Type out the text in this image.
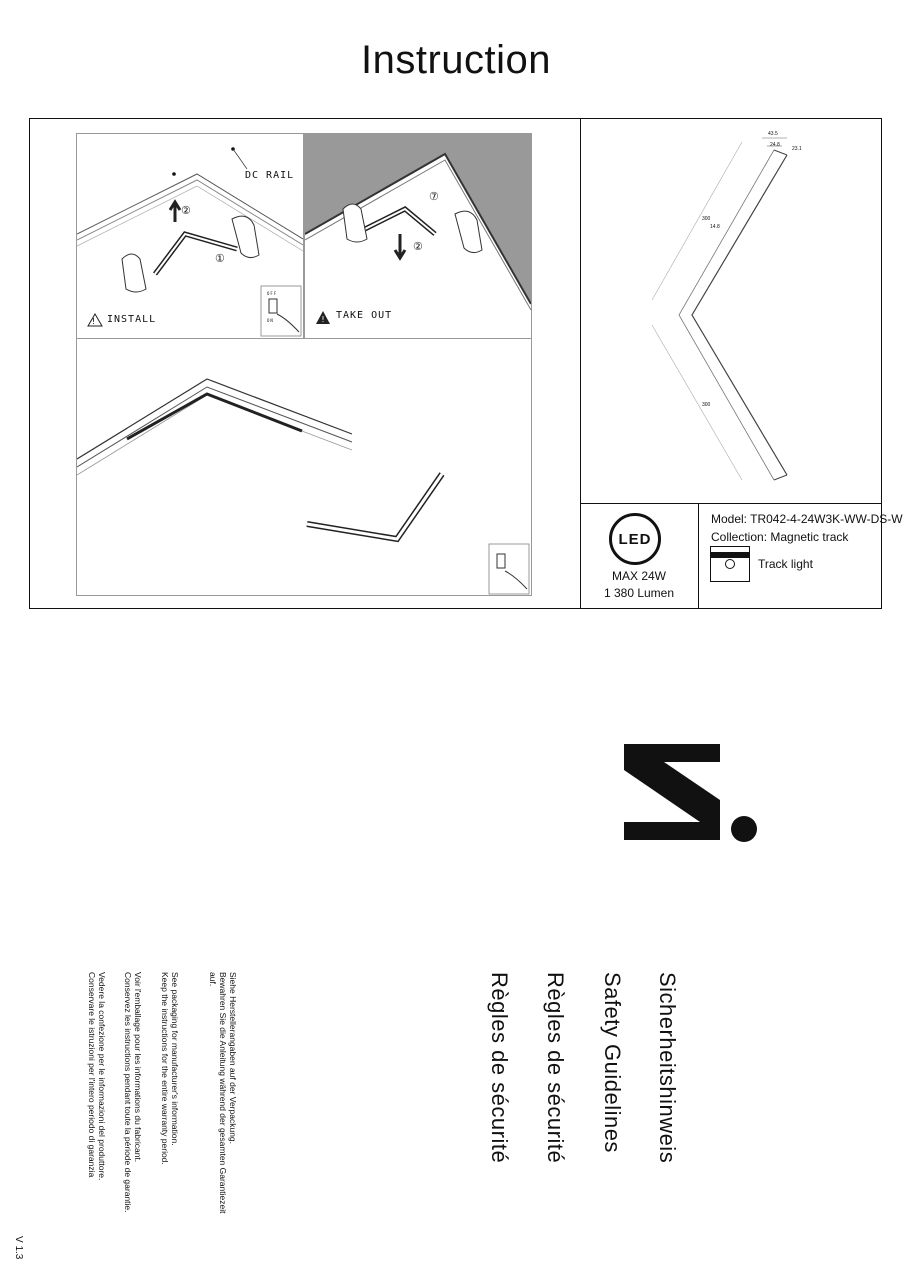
Instruction
!
DC RAIL
②
①
INSTALL
OFF
ON	!
⑦
②
TAKE OUT
43.5
24.8
23.1
300
300
14.8
LED
MAX 24W
1 380 Lumen
Model: TR042-4-24W3K-WW-DS-W
Collection: Magnetic track
Track light
Sicherheitshinweis
Safety Guidelines
Règles de sécurité
Règles de sécurité
Siehe Herstellerangaben auf der Verpackung.
Bewahren Sie die Anleitung während der gesamten Garantiezeit
auf.
See packaging for manufacturer's information.
Keep the instructions for the entire warranty period.
Voir l'emballage pour les informations du fabricant.
Conservez les instructions pendant toute la période de garantie.
Vedere la confezione per le informazioni del produttore.
Conservare le istruzioni per l'intero periodo di garanzia
V 1.3
